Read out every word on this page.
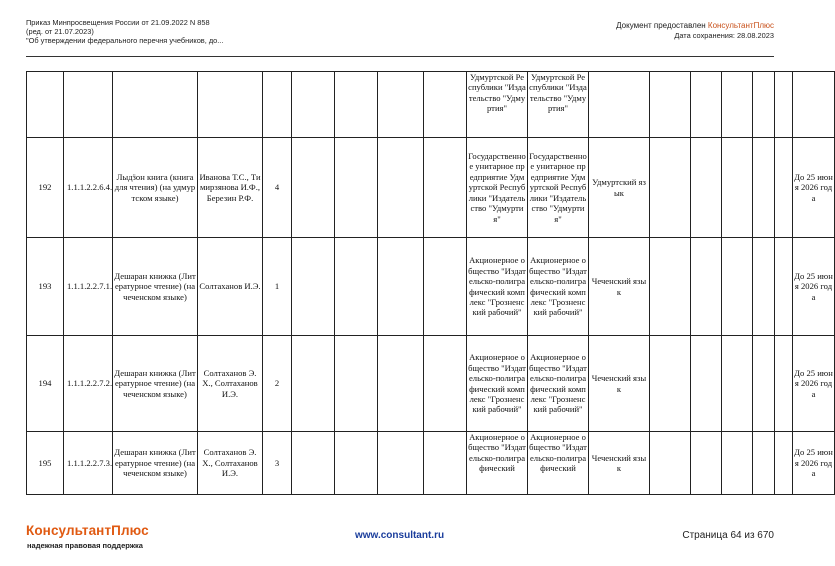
Приказ Минпросвещения России от 21.09.2022 N 858
(ред. от 21.07.2023)
"Об утверждении федерального перечня учебников, до...
Документ предоставлен КонсультантПлюс
Дата сохранения: 28.08.2023
									Удмуртской Республики "Издательство "Удмуртия"	Удмуртской Республики "Издательство "Удмуртия"							
192	1.1.1.2.2.6.4.	Лыдӟон книга (книга для чтения) (на удмуртском языке)	Иванова Т.С., Тимирзянова И.Ф., Березин Р.Ф.	4					Государственное унитарное предприятие Удмуртской Республики "Издательство "Удмуртия"	Государственное унитарное предприятие Удмуртской Республики "Издательство "Удмуртия"	Удмуртский язык						До 25 июня 2026 года
193	1.1.1.2.2.7.1.	Дешаран книжка (Литературное чтение) (на чеченском языке)	Солтаханов И.Э.	1					Акционерное общество "Издательско-полиграфический комплекс "Грозненский рабочий"	Акционерное общество "Издательско-полиграфический комплекс "Грозненский рабочий"	Чеченский язык						До 25 июня 2026 года
194	1.1.1.2.2.7.2.	Дешаран книжка (Литературное чтение) (на чеченском языке)	Солтаханов Э.Х., Солтаханов И.Э.	2					Акционерное общество "Издательско-полиграфический комплекс "Грозненский рабочий"	Акционерное общество "Издательско-полиграфический комплекс "Грозненский рабочий"	Чеченский язык						До 25 июня 2026 года
195	1.1.1.2.2.7.3.	Дешаран книжка (Литературное чтение) (на чеченском языке)	Солтаханов Э.Х., Солтаханов И.Э.	3					Акционерное общество "Издательско-полиграфический	Акционерное общество "Издательско-полиграфический	Чеченский язык						До 25 июня 2026 года
КонсультантПлюс
надежная правовая поддержка
www.consultant.ru	Страница 64 из 670
